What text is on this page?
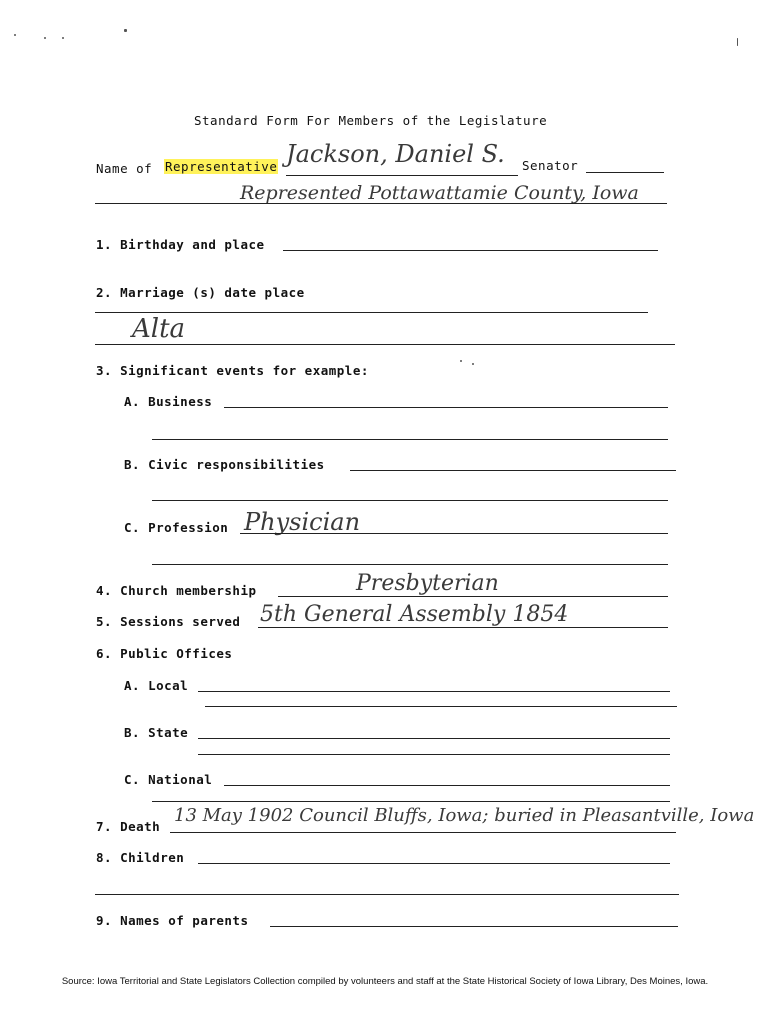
Standard Form For Members of the Legislature
Name of Representative Jackson, Daniel S. Senator
Represented Pottawattamie County, Iowa
1. Birthday and place
2. Marriage (s) date place
Alta
3. Significant events for example:
A. Business
B. Civic responsibilities
C. Profession Physician
4. Church membership	Presbyterian
5. Sessions served 5th General Assembly 1854
6. Public Offices
A. Local
B. State
C. National
7. Death
13 May 1902 Council Bluffs, Iowa; buried in Pleasantville, Iowa
8. Children
9. Names of parents
Source: Iowa Territorial and State Legislators Collection compiled by volunteers and staff at the State Historical Society of Iowa Library, Des Moines, Iowa.
